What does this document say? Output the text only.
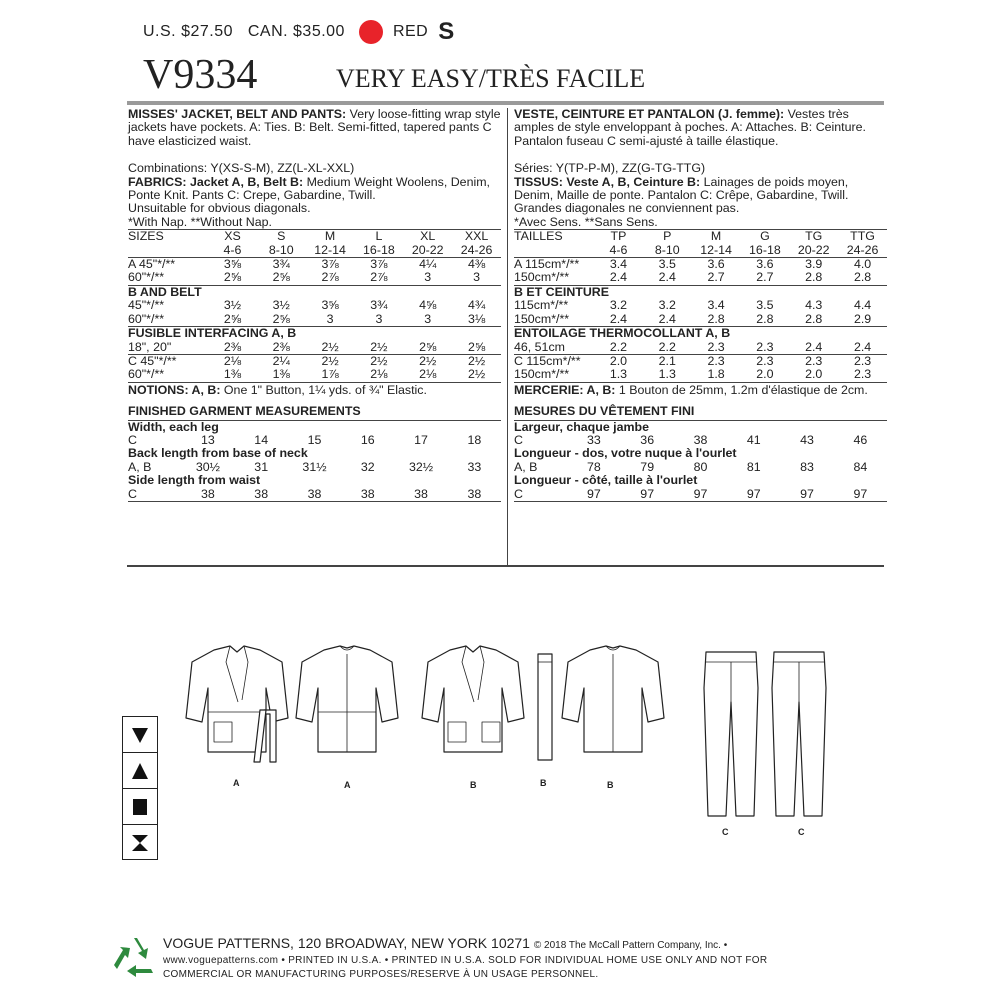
U.S. $27.50
CAN. $35.00	RED S
V9334	VERY EASY/TRÈS FACILE
MISSES' JACKET, BELT AND PANTS: Very loose-fitting wrap style jackets have pockets. A: Ties. B: Belt. Semi-fitted, tapered pants C have elasticized waist.
Combinations: Y(XS-S-M), ZZ(L-XL-XXL)
FABRICS: Jacket A, B, Belt B: Medium Weight Woolens, Denim, Ponte Knit. Pants C: Crepe, Gabardine, Twill.
Unsuitable for obvious diagonals.
*With Nap. **Without Nap.
SIZES	XS	S	M	L	XL	XXL
	4-6	8-10	12-14	16-18	20-22	24-26
A 45"*/**	3⅝	3¾	3⅞	3⅞	4¼	4⅜
60"*/**	2⅝	2⅝	2⅞	2⅞	3	3
B AND BELT						
45"*/**	3½	3½	3⅝	3¾	4⅝	4¾
60"*/**	2⅝	2⅝	3	3	3	3⅛
FUSIBLE INTERFACING A, B						
18", 20"	2⅜	2⅜	2½	2½	2⅝	2⅝
C 45"*/**	2⅛	2¼	2½	2½	2½	2½
60"*/**	1⅜	1⅜	1⅞	2⅛	2⅛	2½
NOTIONS: A, B: One 1" Button, 1¼ yds. of ¾" Elastic.
FINISHED GARMENT MEASUREMENTS
Width, each leg						
C	13	14	15	16	17	18
Back length from base of neck						
A, B	30½	31	31½	32	32½	33
Side length from waist						
C	38	38	38	38	38	38
VESTE, CEINTURE ET PANTALON (J. femme): Vestes très amples de style enveloppant à poches. A: Attaches. B: Ceinture. Pantalon fuseau C semi-ajusté à taille élastique.
Séries: Y(TP-P-M), ZZ(G-TG-TTG)
TISSUS: Veste A, B, Ceinture B: Lainages de poids moyen, Denim, Maille de ponte. Pantalon C: Crêpe, Gabardine, Twill.
Grandes diagonales ne conviennent pas.
*Avec Sens. **Sans Sens.
TAILLES	TP	P	M	G	TG	TTG
	4-6	8-10	12-14	16-18	20-22	24-26
A 115cm*/**	3.4	3.5	3.6	3.6	3.9	4.0
150cm*/**	2.4	2.4	2.7	2.7	2.8	2.8
B ET CEINTURE						
115cm*/**	3.2	3.2	3.4	3.5	4.3	4.4
150cm*/**	2.4	2.4	2.8	2.8	2.8	2.9
ENTOILAGE THERMOCOLLANT A, B						
46, 51cm	2.2	2.2	2.3	2.3	2.4	2.4
C 115cm*/**	2.0	2.1	2.3	2.3	2.3	2.3
150cm*/**	1.3	1.3	1.8	2.0	2.0	2.3
MERCERIE: A, B: 1 Bouton de 25mm, 1.2m d'élastique de 2cm.
MESURES DU VÊTEMENT FINI
Largeur, chaque jambe						
C	33	36	38	41	43	46
Longueur - dos, votre nuque à l'ourlet						
A, B	78	79	80	81	83	84
Longueur - côté, taille à l'ourlet						
C	97	97	97	97	97	97
A	A	B	B	B
C	C
VOGUE PATTERNS, 120 BROADWAY, NEW YORK 10271 © 2018 The McCall Pattern Company, Inc. •
www.voguepatterns.com • PRINTED IN U.S.A. • PRINTED IN U.S.A. SOLD FOR INDIVIDUAL HOME USE ONLY AND NOT FOR
COMMERCIAL OR MANUFACTURING PURPOSES/RESERVE À UN USAGE PERSONNEL.
